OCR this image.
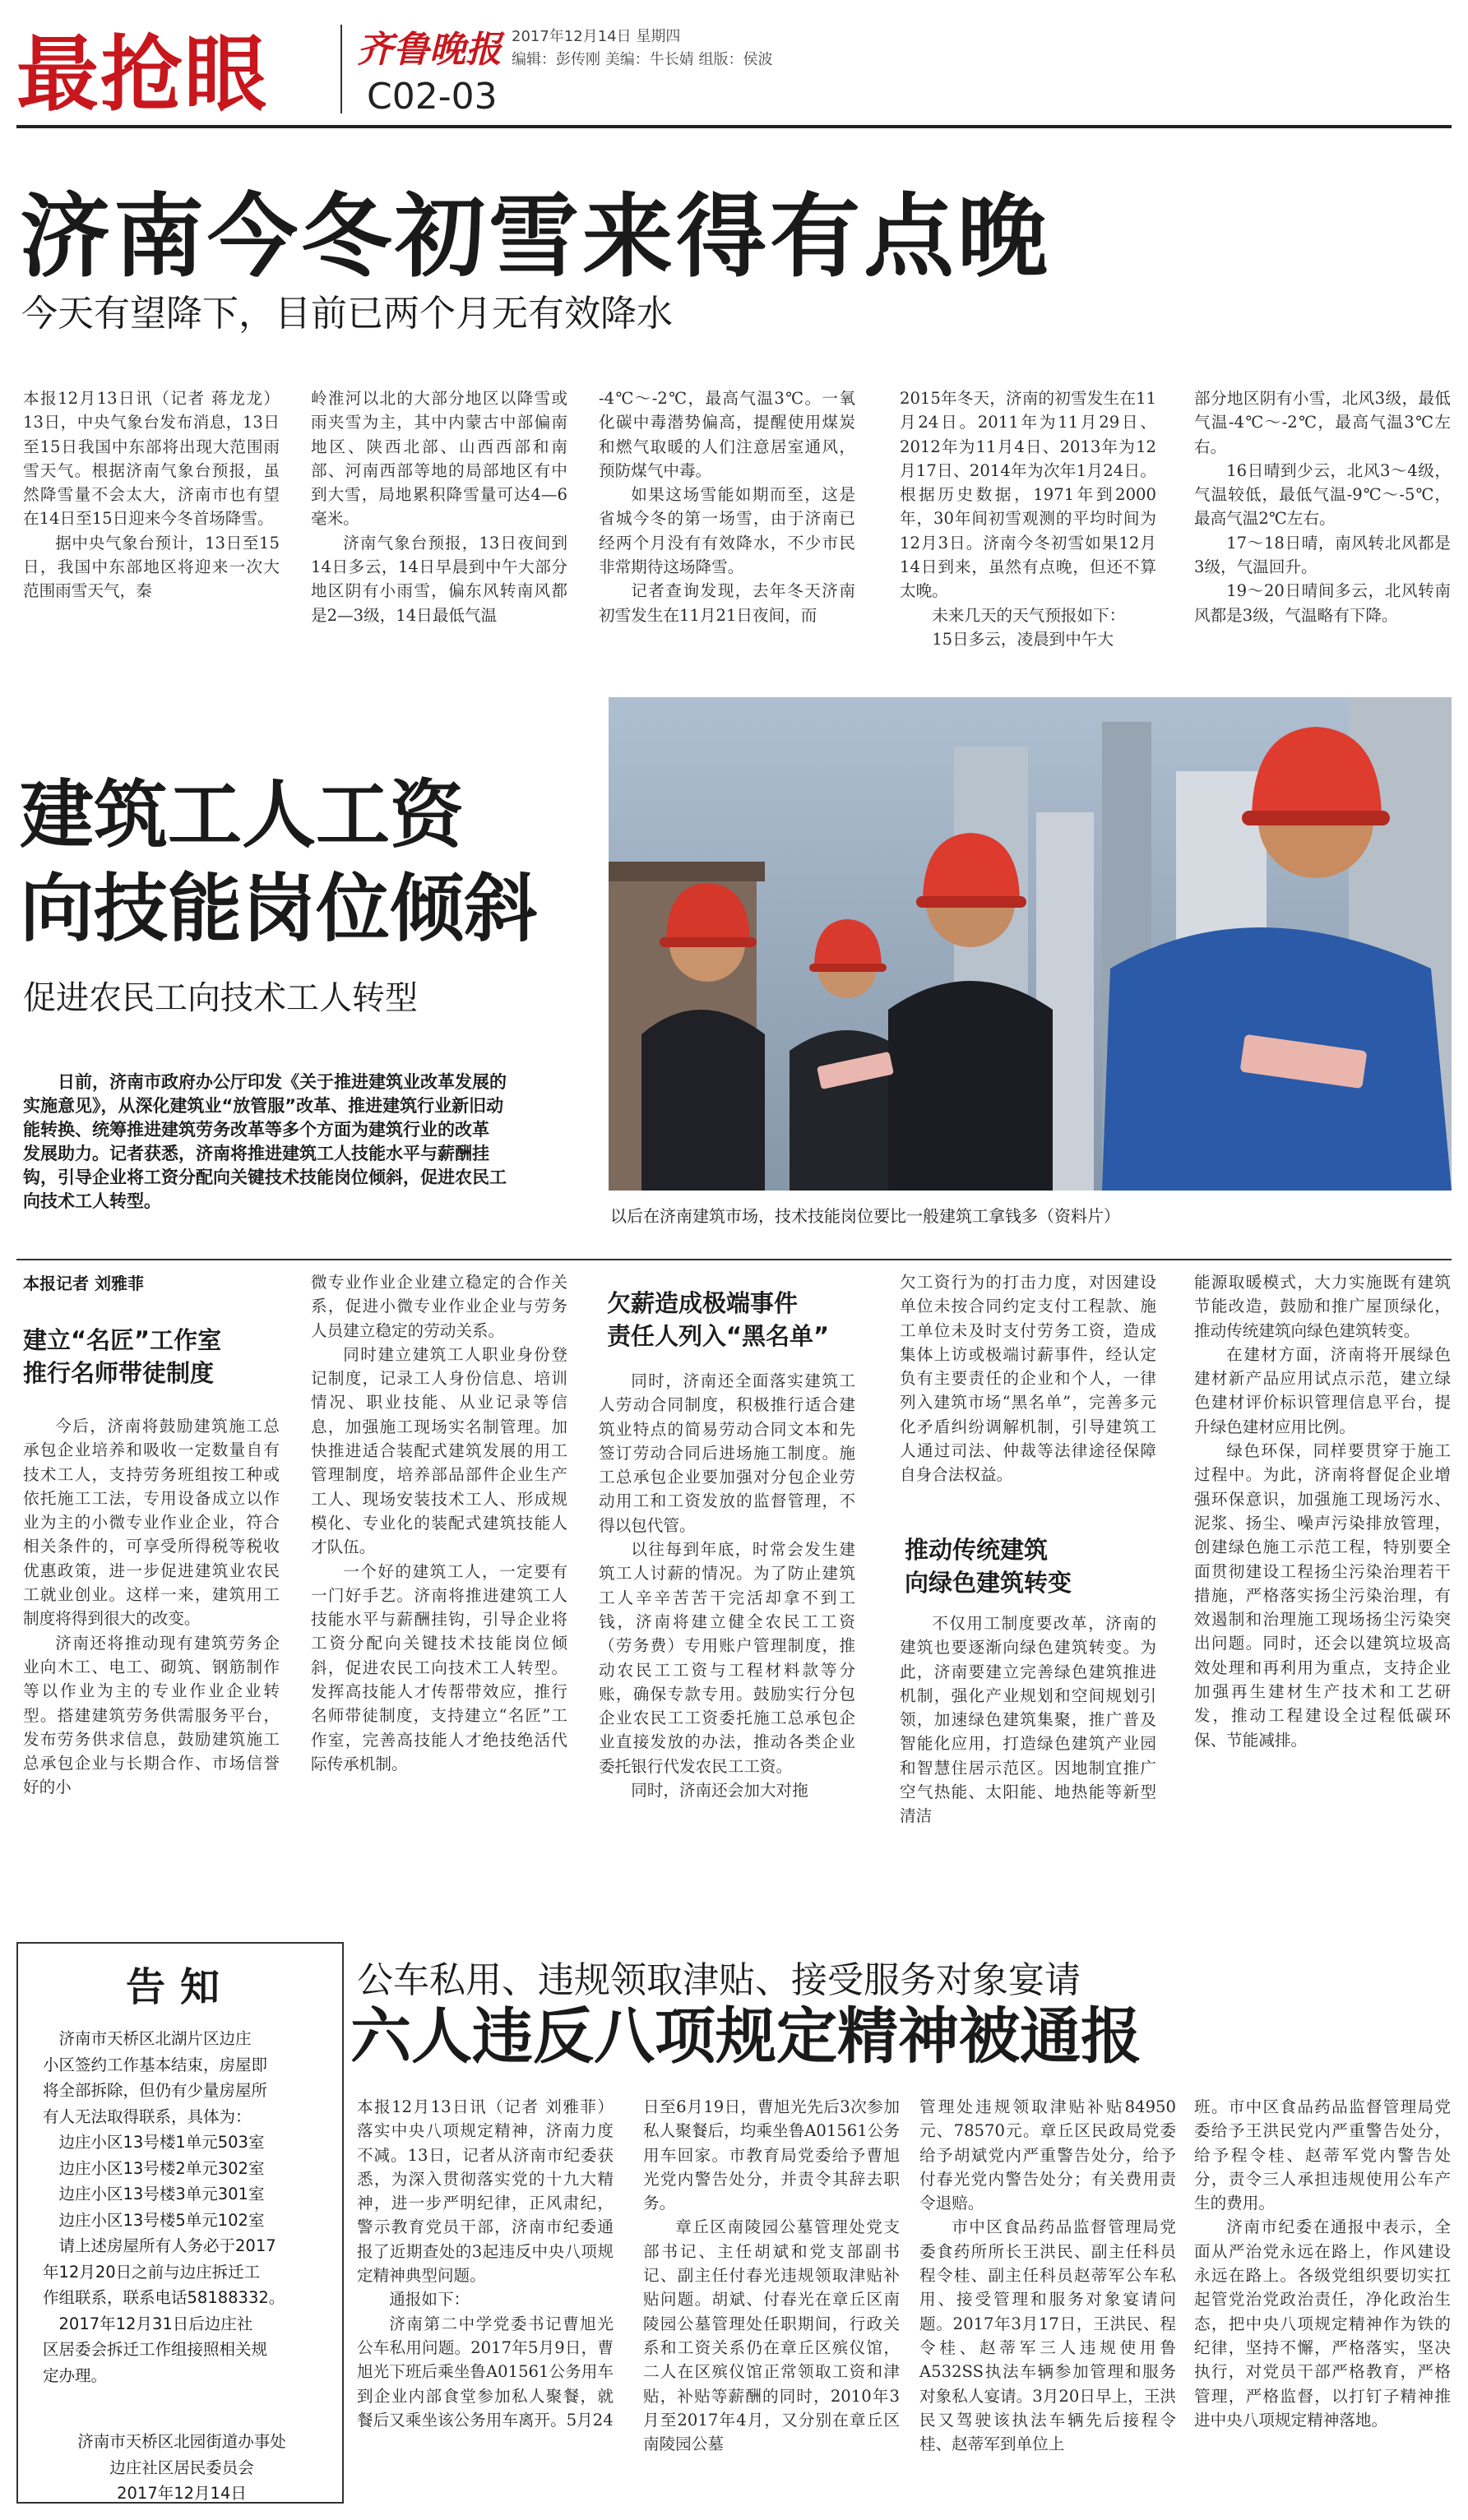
最抢眼 齐鲁晚报 2017年12月14日 星期四
编辑：彭传刚 美编：牛长婧 组版：侯波
C02-03
济南今冬初雪来得有点晚
今天有望降下，目前已两个月无有效降水

本报12月13日讯（记者 蒋龙龙） 13日，中央气象台发布消息，13日至15日我国中东部将出现大范围雨雪天气。根据济南气象台预报，虽然降雪量不会太大，济南市也有望在14日至15日迎来今冬首场降雪。

据中央气象台预计，13日至15日，我国中东部地区将迎来一次大范围雨雪天气，秦

岭淮河以北的大部分地区以降雪或雨夹雪为主，其中内蒙古中部偏南地区、陕西北部、山西西部和南部、河南西部等地的局部地区有中到大雪，局地累积降雪量可达4—6毫米。

济南气象台预报，13日夜间到14日多云，14日早晨到中午大部分地区阴有小雨雪，偏东风转南风都是2—3级，14日最低气温

-4℃～-2℃，最高气温3℃。一氧化碳中毒潜势偏高，提醒使用煤炭和燃气取暖的人们注意居室通风，预防煤气中毒。

如果这场雪能如期而至，这是省城今冬的第一场雪，由于济南已经两个月没有有效降水，不少市民非常期待这场降雪。

记者查询发现，去年冬天济南初雪发生在11月21日夜间，而

2015年冬天，济南的初雪发生在11月24日。2011年为11月29日、2012年为11月4日、2013年为12月17日、2014年为次年1月24日。根据历史数据，1971年到2000年，30年间初雪观测的平均时间为12月3日。济南今冬初雪如果12月14日到来，虽然有点晚，但还不算太晚。

未来几天的天气预报如下：

15日多云，凌晨到中午大

部分地区阴有小雪，北风3级，最低气温-4℃～-2℃，最高气温3℃左右。

16日晴到少云，北风3～4级，气温较低，最低气温-9℃～-5℃，最高气温2℃左右。

17～18日晴，南风转北风都是3级，气温回升。

19～20日晴间多云，北风转南风都是3级，气温略有下降。

建筑工人工资
向技能岗位倾斜
促进农民工向技术工人转型
日前，济南市政府办公厅印发《关于推进建筑业改革发展的
实施意见》，从深化建筑业“放管服”改革、推进建筑行业新旧动
能转换、统筹推进建筑劳务改革等多个方面为建筑行业的改革
发展助力。记者获悉，济南将推进建筑工人技能水平与薪酬挂
钩，引导企业将工资分配向关键技术技能岗位倾斜，促进农民工
向技术工人转型。
以后在济南建筑市场，技术技能岗位要比一般建筑工拿钱多（资料片）
本报记者 刘雅菲
建立“名匠”工作室
推行名师带徒制度

今后，济南将鼓励建筑施工总承包企业培养和吸收一定数量自有技术工人，支持劳务班组按工种或依托施工工法，专用设备成立以作业为主的小微专业作业企业，符合相关条件的，可享受所得税等税收优惠政策，进一步促进建筑业农民工就业创业。这样一来，建筑用工制度将得到很大的改变。

济南还将推动现有建筑劳务企业向木工、电工、砌筑、钢筋制作等以作业为主的专业作业企业转型。搭建建筑劳务供需服务平台，发布劳务供求信息，鼓励建筑施工总承包企业与长期合作、市场信誉好的小

微专业作业企业建立稳定的合作关系，促进小微专业作业企业与劳务人员建立稳定的劳动关系。

同时建立建筑工人职业身份登记制度，记录工人身份信息、培训情况、职业技能、从业记录等信息，加强施工现场实名制管理。加快推进适合装配式建筑发展的用工管理制度，培养部品部件企业生产工人、现场安装技术工人、形成规模化、专业化的装配式建筑技能人才队伍。

一个好的建筑工人，一定要有一门好手艺。济南将推进建筑工人技能水平与薪酬挂钩，引导企业将工资分配向关键技术技能岗位倾斜，促进农民工向技术工人转型。发挥高技能人才传帮带效应，推行名师带徒制度，支持建立“名匠”工作室，完善高技能人才绝技绝活代际传承机制。

欠薪造成极端事件
责任人列入“黑名单”

同时，济南还全面落实建筑工人劳动合同制度，积极推行适合建筑业特点的简易劳动合同文本和先签订劳动合同后进场施工制度。施工总承包企业要加强对分包企业劳动用工和工资发放的监督管理，不得以包代管。

以往每到年底，时常会发生建筑工人讨薪的情况。为了防止建筑工人辛辛苦苦干完活却拿不到工钱，济南将建立健全农民工工资（劳务费）专用账户管理制度，推动农民工工资与工程材料款等分账，确保专款专用。鼓励实行分包企业农民工工资委托施工总承包企业直接发放的办法，推动各类企业委托银行代发农民工工资。

同时，济南还会加大对拖

欠工资行为的打击力度，对因建设单位未按合同约定支付工程款、施工单位未及时支付劳务工资，造成集体上访或极端讨薪事件，经认定负有主要责任的企业和个人，一律列入建筑市场“黑名单”，完善多元化矛盾纠纷调解机制，引导建筑工人通过司法、仲裁等法律途径保障自身合法权益。

推动传统建筑
向绿色建筑转变

不仅用工制度要改革，济南的建筑也要逐渐向绿色建筑转变。为此，济南要建立完善绿色建筑推进机制，强化产业规划和空间规划引领，加速绿色建筑集聚，推广普及智能化应用，打造绿色建筑产业园和智慧住居示范区。因地制宜推广空气热能、太阳能、地热能等新型清洁

能源取暖模式，大力实施既有建筑节能改造，鼓励和推广屋顶绿化，推动传统建筑向绿色建筑转变。

在建材方面，济南将开展绿色建材新产品应用试点示范，建立绿色建材评价标识管理信息平台，提升绿色建材应用比例。

绿色环保，同样要贯穿于施工过程中。为此，济南将督促企业增强环保意识，加强施工现场污水、泥浆、扬尘、噪声污染排放管理，创建绿色施工示范工程，特别要全面贯彻建设工程扬尘污染治理若干措施，严格落实扬尘污染治理，有效遏制和治理施工现场扬尘污染突出问题。同时，还会以建筑垃圾高效处理和再利用为重点，支持企业加强再生建材生产技术和工艺研发，推动工程建设全过程低碳环保、节能减排。

告知
济南市天桥区北湖片区边庄
小区签约工作基本结束，房屋即
将全部拆除，但仍有少量房屋所
有人无法取得联系，具体为：
边庄小区13号楼1单元503室
边庄小区13号楼2单元302室
边庄小区13号楼3单元301室
边庄小区13号楼5单元102室
请上述房屋所有人务必于2017
年12月20日之前与边庄拆迁工
作组联系，联系电话58188332。
2017年12月31日后边庄社
区居委会拆迁工作组接照相关规
定办理。
济南市天桥区北园街道办事处
边庄社区居民委员会
2017年12月14日
公车私用、违规领取津贴、接受服务对象宴请
六人违反八项规定精神被通报

本报12月13日讯（记者 刘雅菲） 落实中央八项规定精神，济南力度不减。13日，记者从济南市纪委获悉，为深入贯彻落实党的十九大精神，进一步严明纪律，正风肃纪，警示教育党员干部，济南市纪委通报了近期查处的3起违反中央八项规定精神典型问题。

通报如下：

济南第二中学党委书记曹旭光公车私用问题。2017年5月9日，曹旭光下班后乘坐鲁A01561公务用车到企业内部食堂参加私人聚餐，就餐后又乘坐该公务用车离开。5月24

日至6月19日，曹旭光先后3次参加私人聚餐后，均乘坐鲁A01561公务用车回家。市教育局党委给予曹旭光党内警告处分，并责令其辞去职务。

章丘区南陵园公墓管理处党支部书记、主任胡斌和党支部副书记、副主任付春光违规领取津贴补贴问题。胡斌、付春光在章丘区南陵园公墓管理处任职期间，行政关系和工资关系仍在章丘区殡仪馆，二人在区殡仪馆正常领取工资和津贴，补贴等薪酬的同时，2010年3月至2017年4月，又分别在章丘区南陵园公墓

管理处违规领取津贴补贴84950元、78570元。章丘区民政局党委给予胡斌党内严重警告处分，给予付春光党内警告处分；有关费用责令退赔。

市中区食品药品监督管理局党委食药所所长王洪民、副主任科员程令桂、副主任科员赵蒂军公车私用、接受管理和服务对象宴请问题。2017年3月17日，王洪民、程令桂、赵蒂军三人违规使用鲁A532SS执法车辆参加管理和服务对象私人宴请。3月20日早上，王洪民又驾驶该执法车辆先后接程令桂、赵蒂军到单位上

班。市中区食品药品监督管理局党委给予王洪民党内严重警告处分，给予程令桂、赵蒂军党内警告处分，责令三人承担违规使用公车产生的费用。

济南市纪委在通报中表示，全面从严治党永远在路上，作风建设永远在路上。各级党组织要切实扛起管党治党政治责任，净化政治生态，把中央八项规定精神作为铁的纪律，坚持不懈，严格落实，坚决执行，对党员干部严格教育，严格管理，严格监督，以打钉子精神推进中央八项规定精神落地。
